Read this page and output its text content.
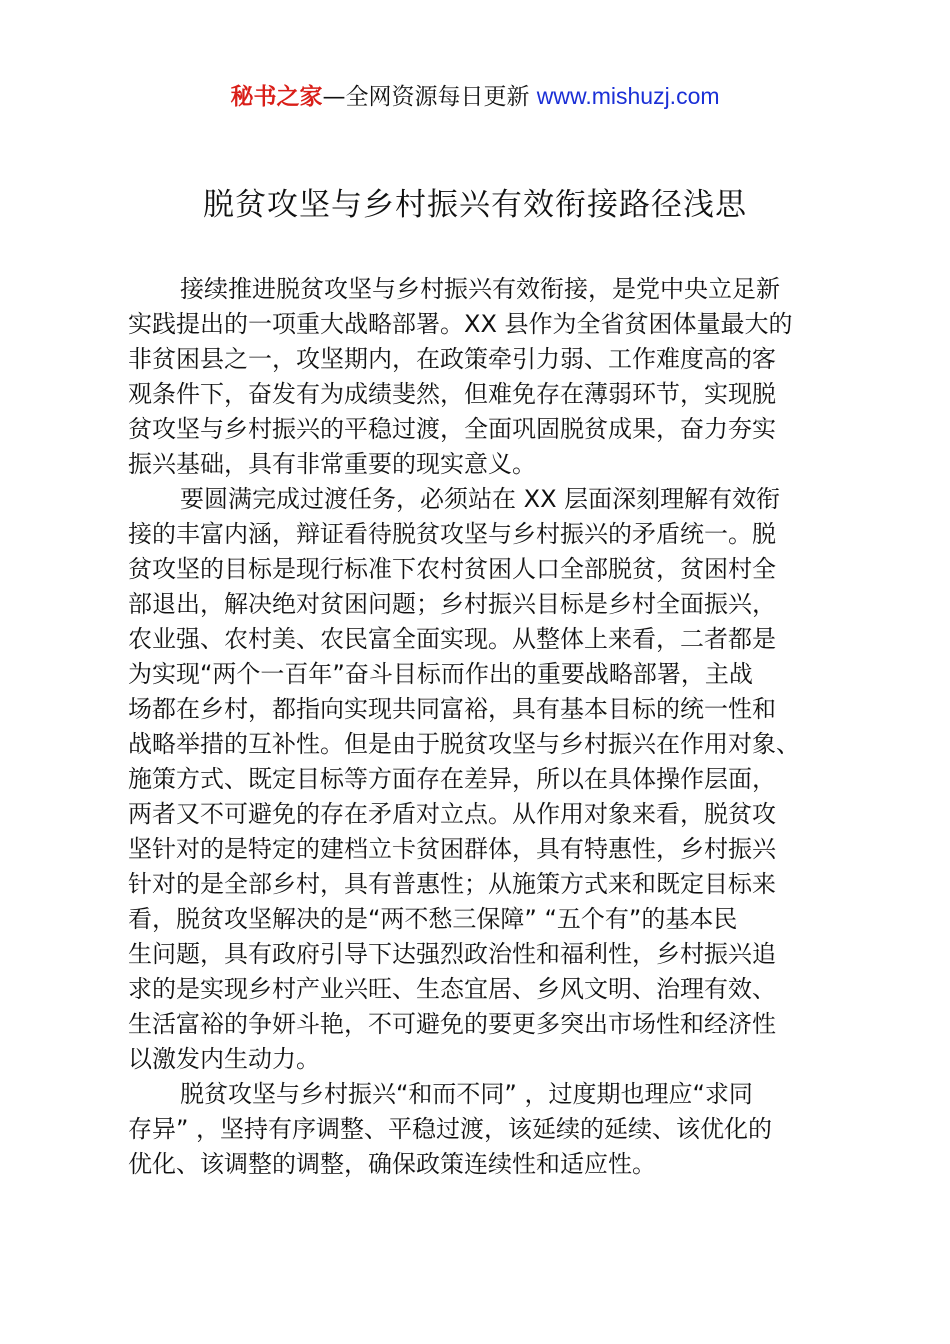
秘书之家—全网资源每日更新 www.mishuzj.com
脱贫攻坚与乡村振兴有效衔接路径浅思

接续推进脱贫攻坚与乡村振兴有效衔接，是党中央立足新
实践提出的一项重大战略部署。XX 县作为全省贫困体量最大的
非贫困县之一，攻坚期内，在政策牵引力弱、工作难度高的客
观条件下，奋发有为成绩斐然，但难免存在薄弱环节，实现脱
贫攻坚与乡村振兴的平稳过渡，全面巩固脱贫成果，奋力夯实
振兴基础，具有非常重要的现实意义。

要圆满完成过渡任务，必须站在 XX 层面深刻理解有效衔
接的丰富内涵，辩证看待脱贫攻坚与乡村振兴的矛盾统一。脱
贫攻坚的目标是现行标准下农村贫困人口全部脱贫，贫困村全
部退出，解决绝对贫困问题；乡村振兴目标是乡村全面振兴，
农业强、农村美、农民富全面实现。从整体上来看，二者都是
为实现“两个一百年”奋斗目标而作出的重要战略部署，主战
场都在乡村，都指向实现共同富裕，具有基本目标的统一性和
战略举措的互补性。但是由于脱贫攻坚与乡村振兴在作用对象、
施策方式、既定目标等方面存在差异，所以在具体操作层面，
两者又不可避免的存在矛盾对立点。从作用对象来看，脱贫攻
坚针对的是特定的建档立卡贫困群体，具有特惠性，乡村振兴
针对的是全部乡村，具有普惠性；从施策方式来和既定目标来
看，脱贫攻坚解决的是“两不愁三保障” “五个有”的基本民
生问题，具有政府引导下达强烈政治性和福利性，乡村振兴追
求的是实现乡村产业兴旺、生态宜居、乡风文明、治理有效、
生活富裕的争妍斗艳，不可避免的要更多突出市场性和经济性
以激发内生动力。

脱贫攻坚与乡村振兴“和而不同” ，过度期也理应“求同
存异” ，坚持有序调整、平稳过渡，该延续的延续、该优化的
优化、该调整的调整，确保政策连续性和适应性。
